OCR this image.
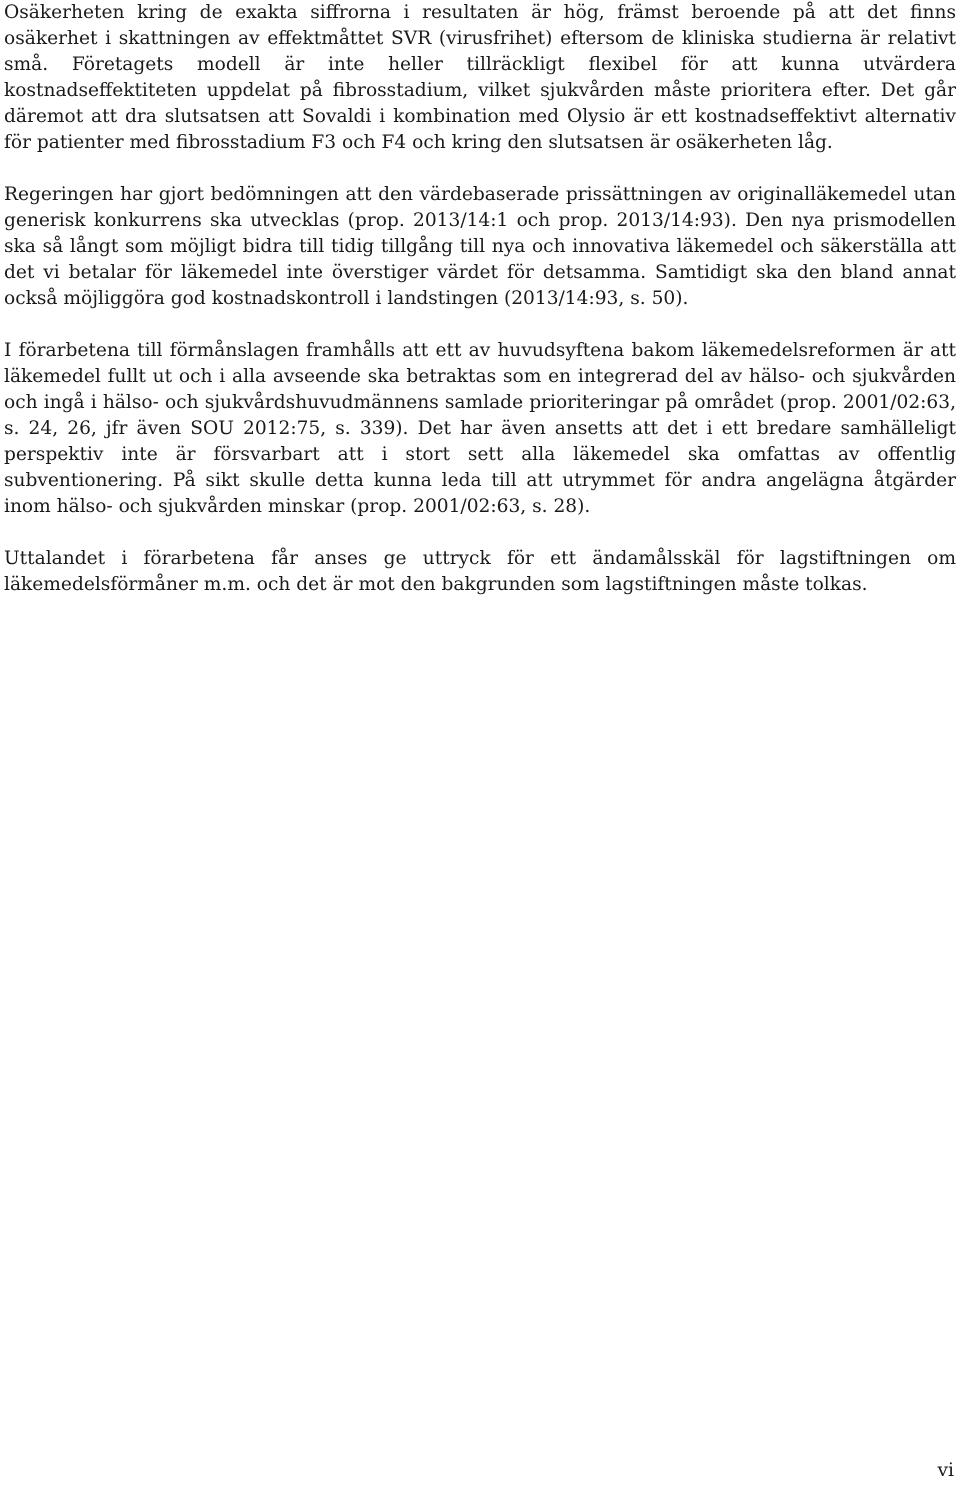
Osäkerheten kring de exakta siffrorna i resultaten är hög, främst beroende på att det finns osäkerhet i skattningen av effektmåttet SVR (virusfrihet) eftersom de kliniska studierna är relativt små. Företagets modell är inte heller tillräckligt flexibel för att kunna utvärdera kostnadseffektiteten uppdelat på fibrosstadium, vilket sjukvården måste prioritera efter. Det går däremot att dra slutsatsen att Sovaldi i kombination med Olysio är ett kostnadseffektivt alternativ för patienter med fibrosstadium F3 och F4 och kring den slutsatsen är osäkerheten låg.

Regeringen har gjort bedömningen att den värdebaserade prissättningen av originalläkemedel utan generisk konkurrens ska utvecklas (prop. 2013/14:1 och prop. 2013/14:93). Den nya prismodellen ska så långt som möjligt bidra till tidig tillgång till nya och innovativa läkemedel och säkerställa att det vi betalar för läkemedel inte överstiger värdet för detsamma. Samtidigt ska den bland annat också möjliggöra god kostnadskontroll i landstingen (2013/14:93, s. 50).

I förarbetena till förmånslagen framhålls att ett av huvudsyftena bakom läkemedelsreformen är att läkemedel fullt ut och i alla avseende ska betraktas som en integrerad del av hälso- och sjukvården och ingå i hälso- och sjukvårdshuvudmännens samlade prioriteringar på området (prop. 2001/02:63, s. 24, 26, jfr även SOU 2012:75, s. 339). Det har även ansetts att det i ett bredare samhälleligt perspektiv inte är försvarbart att i stort sett alla läkemedel ska omfattas av offentlig subventionering. På sikt skulle detta kunna leda till att utrymmet för andra angelägna åtgärder inom hälso- och sjukvården minskar (prop. 2001/02:63, s. 28).

Uttalandet i förarbetena får anses ge uttryck för ett ändamålsskäl för lagstiftningen om läkemedelsförmåner m.m. och det är mot den bakgrunden som lagstiftningen måste tolkas.

vi
